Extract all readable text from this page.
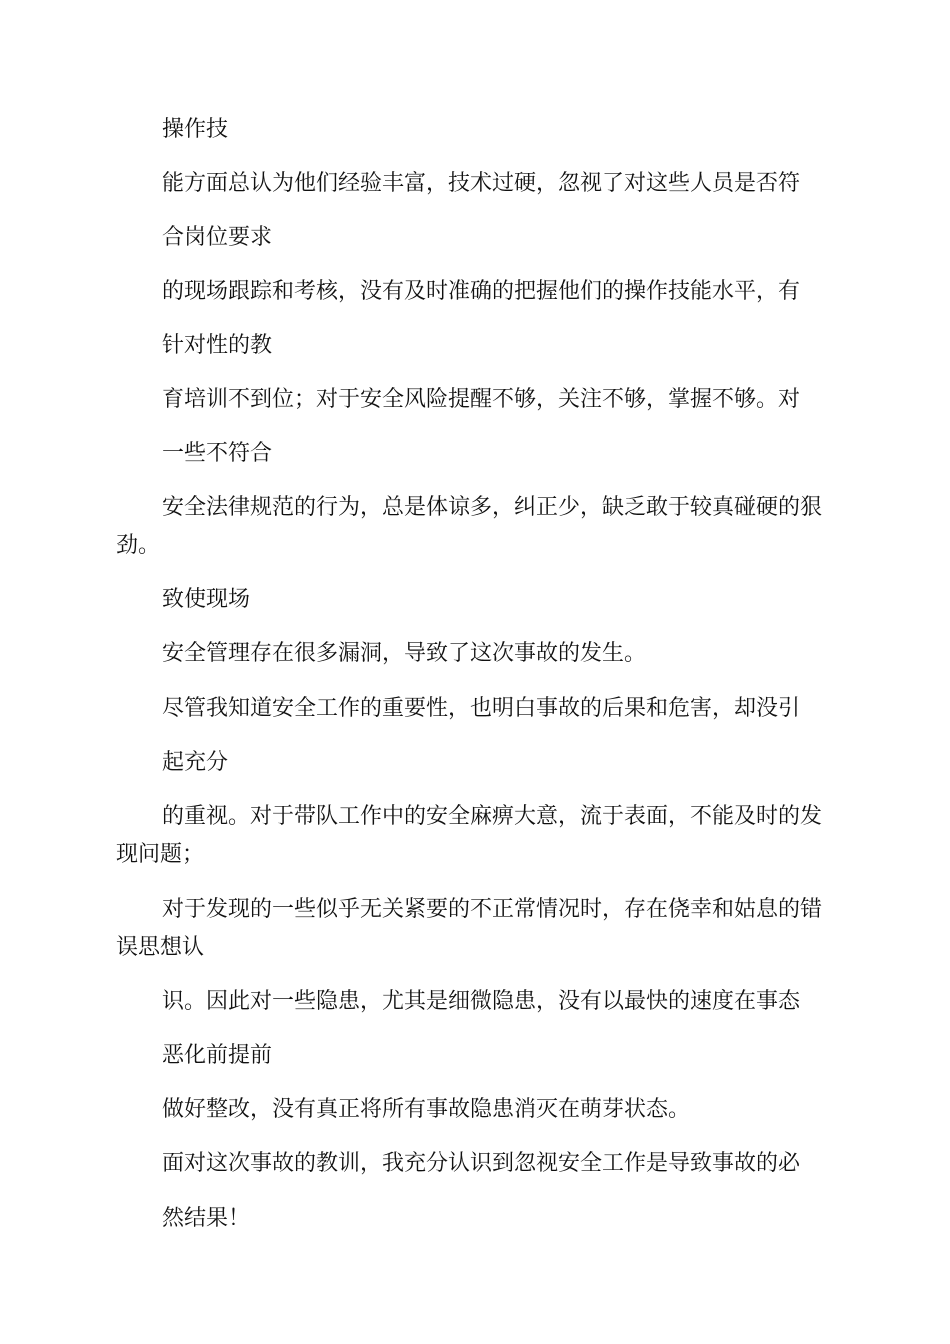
操作技

能方面总认为他们经验丰富，技术过硬，忽视了对这些人员是否符

合岗位要求

的现场跟踪和考核，没有及时准确的把握他们的操作技能水平，有

针对性的教

育培训不到位；对于安全风险提醒不够，关注不够，掌握不够。对

一些不符合

安全法律规范的行为，总是体谅多，纠正少，缺乏敢于较真碰硬的狠

劲。

致使现场

安全管理存在很多漏洞，导致了这次事故的发生。

尽管我知道安全工作的重要性，也明白事故的后果和危害，却没引

起充分

的重视。对于带队工作中的安全麻痹大意，流于表面，不能及时的发

现问题；

对于发现的一些似乎无关紧要的不正常情况时，存在侥幸和姑息的错

误思想认

识。因此对一些隐患，尤其是细微隐患，没有以最快的速度在事态

恶化前提前

做好整改，没有真正将所有事故隐患消灭在萌芽状态。

面对这次事故的教训，我充分认识到忽视安全工作是导致事故的必

然结果！
